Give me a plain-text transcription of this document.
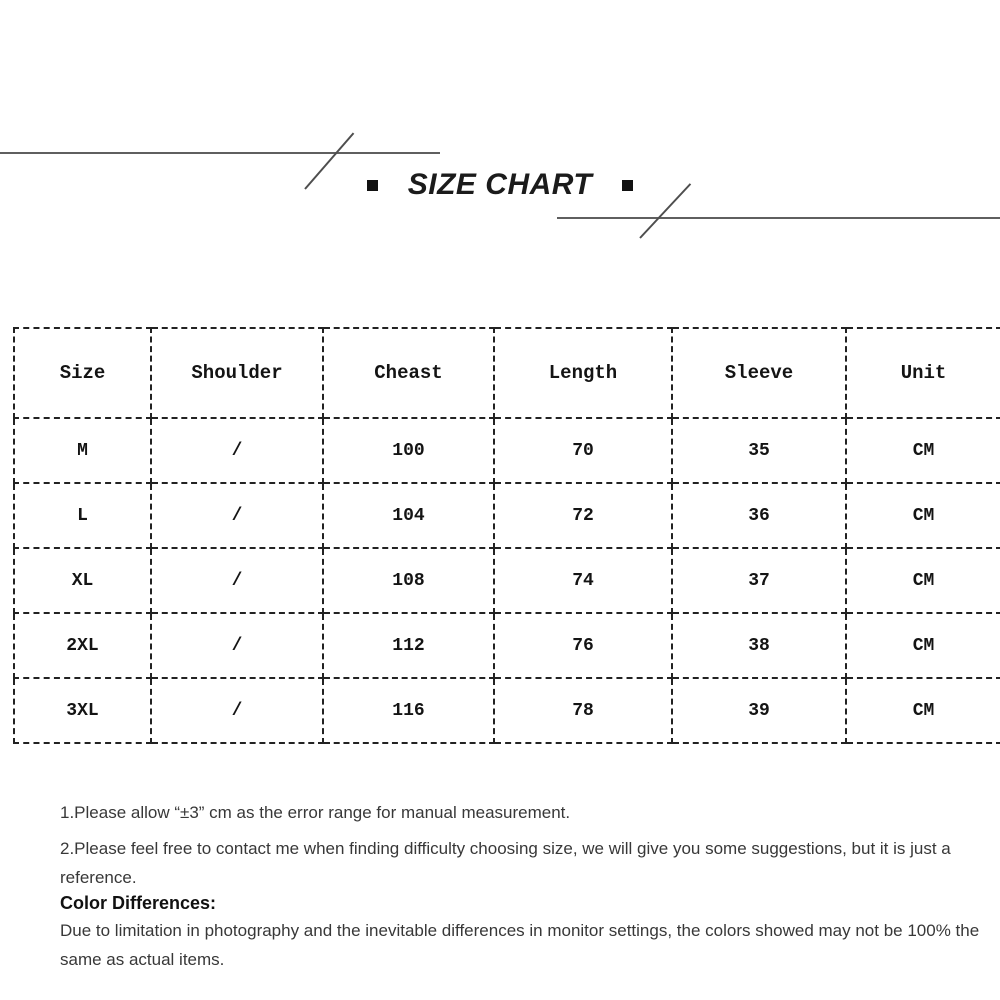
SIZE CHART
Size	Shoulder	Cheast	Length	Sleeve	Unit
M	/	100	70	35	CM
L	/	104	72	36	CM
XL	/	108	74	37	CM
2XL	/	112	76	38	CM
3XL	/	116	78	39	CM

1.Please allow “±3” cm as the error range for manual measurement.

2.Please feel free to contact me when finding difficulty choosing size, we will give you some suggestions, but it is just a reference.

Color Differences:

Due to limitation in photography and the inevitable differences in monitor settings, the colors showed may not be 100% the same as actual items.
